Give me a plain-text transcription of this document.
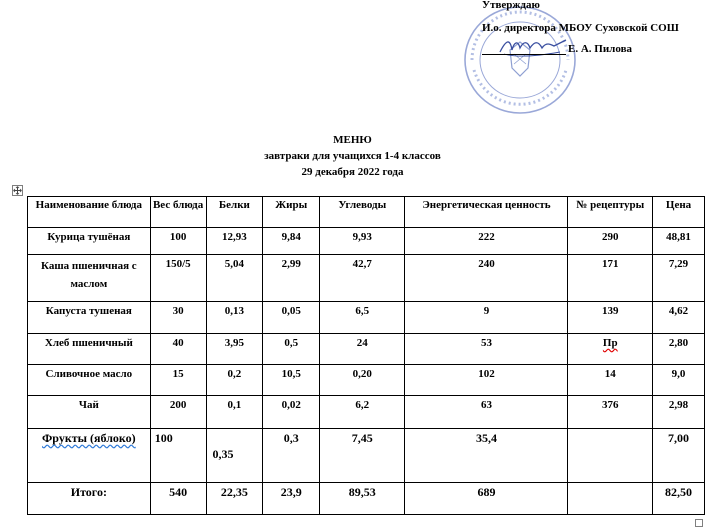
Утверждаю
И.о. директора МБОУ Суховской СОШ
Е. А. Пилова
МЕНЮ
завтраки для учащихся 1-4 классов
29 декабря 2022 года
Наименование блюда	Вес блюда	Белки	Жиры	Углеводы	Энергетическая ценность	№ рецептуры	Цена
Курица тушёная	100	12,93	9,84	9,93	222	290	48,81
Каша пшеничная с маслом	150/5	5,04	2,99	42,7	240	171	7,29
Капуста тушеная	30	0,13	0,05	6,5	9	139	4,62
Хлеб пшеничный	40	3,95	0,5	24	53	Пр	2,80
Сливочное масло	15	0,2	10,5	0,20	102	14	9,0
Чай	200	0,1	0,02	6,2	63	376	2,98
Фрукты (яблоко)	100	0,35	0,3	7,45	35,4		7,00
Итого:	540	22,35	23,9	89,53	689		82,50
